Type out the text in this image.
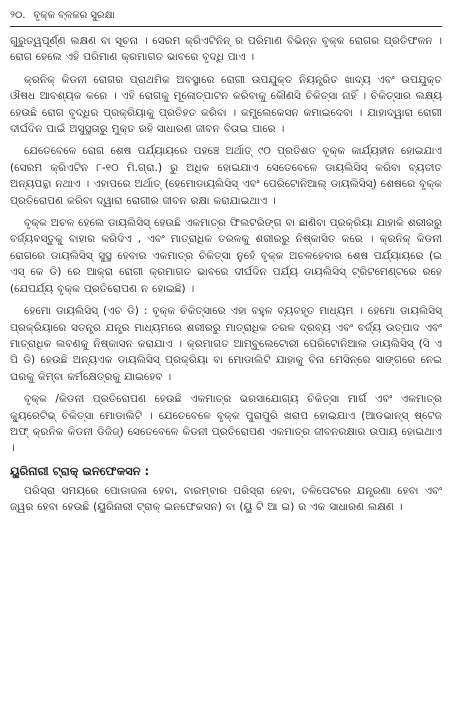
୨୦. ବୃକ୍କ ବ୍ଳକର ସୁରକ୍ଷା

ଗୁରୁତ୍ୱପୂର୍ଣ୍ଣ ଲକ୍ଷଣ ବା ସୂଚନା । ସେରମ କ୍ରିଏଟିନିନ୍ ର ପରିମାଣ ବିଭିନ୍ନ ବୃକ୍କ ରୋଗର ପ୍ରତିଫଳନ । ରୋଗ ହେଲେ ଏହି ପରିମାଣ କ୍ରମାଗତ ଭାବରେ ବୃଦ୍ଧି ପାଏ ।

କ୍ରନିକ୍ କିଡନୀ ରୋଗର ପ୍ରାଥମିକ ଅବସ୍ଥାରେ ରୋଗୀ ଉପଯୁକ୍ତ ନିୟନ୍ତ୍ରିତ ଖାଦ୍ୟ ଏବଂ ଉପଯୁକ୍ତ ଔଷଧ ଆବଶ୍ୟକ କରେ । ଏହି ରୋଗକୁ ମୂଳୋତ୍ପାଟନ କରିବାକୁ କୌଣସି ଚିକିତ୍ସା ନାହିଁ । ଚିକିତ୍ସାର ଲକ୍ଷ୍ୟ ହେଉଛି ରୋଗ ବୃଦ୍ଧିର ପ୍ରକ୍ରିୟାକୁ ପ୍ରତିହତ କରିବା । କମ୍ପ୍ଲେକେସନ କମାଇଦେବା । ଯାହାଦ୍ୱାରା ରୋଗୀ ଦୀର୍ଘଦିନ ପାଇଁ ଅସୁସ୍ଥତାରୁ ମୁକ୍ତ ରହି ସାଧାରଣ ଜୀବନ ବିତାଇ ପାରେ ।

ଯେତେବେଳେ ରୋଗ ଶେଷ ପର୍ଯ୍ୟାୟରେ ପହଞ୍ଚେ ଅର୍ଥାତ୍ ୯୦ ପ୍ରତିଶତ ବୃକ୍କ କାର୍ଯ୍ୟହୀନ ହୋଇଯାଏ (ସେରମ କ୍ରିଏଟିନ ୮-୧୦ ମି.ଗ୍ରା.) ରୁ ଅଧିକ ହୋଇଯାଏ ସେତେବେଳେ ଡାୟଲିସିସ୍ କରିବା ବ୍ୟତୀତ ଅନ୍ୟପନ୍ଥା ନଥାଏ । ଏହାପରେ ଅର୍ଥାତ୍ (ହେମୋଡାୟଲିସିସ୍ ଏବଂ ପେରିଟୋନିଆଲ୍ ଡାୟଲିସିସ୍) ଶେଷରେ ବୃକ୍କ ପ୍ରତିରୋପଣ କରିବା ଦ୍ୱାରା ରୋଗୀର ଜୀବନ ରକ୍ଷା କରାଯାଇଥାଏ ।

ବୃକ୍କ ଅଚଳ ହେଲେ ଡାୟଲିସିସ୍ ହେଉଛି ଏକମାତ୍ର ଫିଲଟରିଙ୍ଗ ବା ଛାଣିବା ପ୍ରକ୍ରିୟା ଯାହାକି ଶରୀରରୁ ବର୍ଜ୍ୟବସ୍ତୁକୁ ବାହାର କରିଦିଏ , ଏବଂ ମାତ୍ରାଧିକ ତରଳକୁ ଶରୀରରୁ ନିଷ୍କାସିତ କରେ । କ୍ରନିକ୍ କିଡନୀ ରୋଗରେ ଡାୟଲିସିସ୍ ସୁସ୍ଥ ହେବାର ଏକମାତ୍ର ଚିକିତ୍ସା ନୁହେଁ ବୃକ୍କ ଅଚଳହେବାର ଶେଷ ପର୍ଯ୍ୟାୟରେ (ଇ ଏସ୍ କେ ଡି) ରେ ଆକ୍ରା ରୋଗୀ କ୍ରମାଗତ ଭାବରେ ଦୀର୍ଘଦିନ ପର୍ଯ୍ୟ ଡାୟଲିସିସ୍ ଟ୍ରିଟମେଣ୍ଟରେ ରହେ (ଯେପର୍ଯ୍ୟ ବୃକ୍କ ପ୍ରତିରୋପଣ ନ ହୋଇଛି) ।

ହେମୋ ଡାୟଲିସିସ୍ (ଏଚ ଡି) : ବୃକ୍କ ଚିକିତ୍ସାରେ ଏହା ବହୁଳ ବ୍ୟବହୃତ ମାଧ୍ୟମ । ହେମୋ ଡାୟଲିସିସ୍ ପ୍ରକ୍ରିୟାରେ ସତନ୍ତ୍ର ଯନ୍ତ୍ର ମାଧ୍ୟମରେ ଶରୀରରୁ ମାତ୍ରାଧିକ ତରଳ ଦ୍ରବ୍ୟ ଏବଂ ବର୍ଜ୍ୟ ଉତ୍ପାଦ ଏବଂ ମାତ୍ରାଧିକ ଲବଣକୁ ନିଷ୍କାସନ କରାଯାଏ । କ୍ରମାଗତ ଆମ୍ବୁଲେଟୋରୀ ପେରିଟୋନିଆଲ ଡାୟଲିସିସ୍ (ସି ଏ ପି ଡି) ହେଉଛି ଅନ୍ୟଏକ ଡାୟଲିସିସ୍ ପ୍ରକ୍ରିୟା ବା ମୋଡାଲିଟି ଯାହାକୁ ବିନା ମେସିନ୍‌ରେ ସାଙ୍ଗରେ ନେଇ ଘରକୁ କିମ୍ବା କର୍ମକ୍ଷେତ୍ରକୁ ଯାଇହେବ ।

ବୃକ୍କ /କିଡନୀ ପ୍ରତିରୋପଣ ହେଉଛି ଏକମାତ୍ର ଭରସାଯୋଗ୍ୟ ଚିକିତ୍ସା ମାର୍ଗ ଏବଂ ଏକମାତ୍ର କ୍ୟୁରେଟିଭ୍ ଚିକିତ୍ସା ମୋଡାଲିଟି । ଯେତେବେଳେ ବୃକ୍କ ପୁରାପୁରି ଖରାପ ହୋଇଯାଏ (ଆଡଭାନ୍ସ୍ ଷ୍ଟେଜ ଅଫ୍ କ୍ରନିକ କିଡନୀ ଡିଜିଜ୍) ସେତେବେଳେ କିଡନୀ ପ୍ରତିରୋପଣ ଏକମାତ୍ର ଜୀବନରକ୍ଷାର ଉପାୟ ହୋଇଥାଏ ।

ୟୁରିନାରୀ ଟ୍ରାକ୍ ଇନଫେକସନ :

ପରିସ୍ରା ସମୟରେ ପୋଡାଜଳା ହେବା, ବାରମ୍ବାର ପରିସ୍ରା ହେବା, ତଳିପେଟରେ ଯନ୍ତ୍ରଣା ହେବା ଏବଂ ଜ୍ୱର ହେବା ହେଉଛି (ୟୁରିନାରୀ ଟ୍ରାକ୍ ଇନଫେକସନ) ବା (ୟୁ ଟି ଆ ଇ) ର ଏକ ସାଧାରଣ ଲକ୍ଷଣ ।
